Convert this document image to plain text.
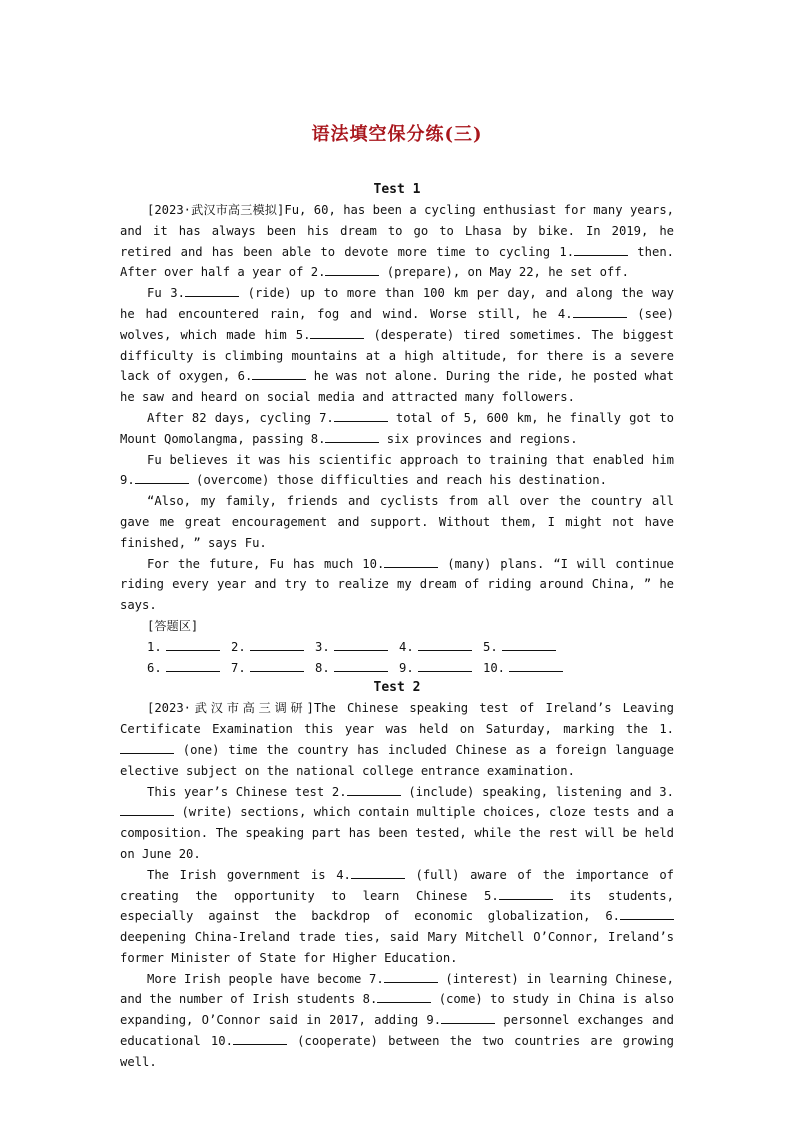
语法填空保分练(三)
Test 1

[2023·武汉市高三模拟]Fu, 60, has been a cycling enthusiast for many years, and it has always been his dream to go to Lhasa by bike. In 2019, he retired and has been able to devote more time to cycling 1.	then. After over half a year of 2.	(prepare), on May 22, he set off.

Fu 3.	(ride) up to more than 100 km per day, and along the way he had encountered rain, fog and wind. Worse still, he 4.	(see) wolves, which made him 5.	(desperate) tired sometimes. The biggest difficulty is climbing mountains at a high altitude, for there is a severe lack of oxygen, 6.	he was not alone. During the ride, he posted what he saw and heard on social media and attracted many followers.

After 82 days, cycling 7.	total of 5, 600 km, he finally got to Mount Qomolangma, passing 8.	six provinces and regions.

Fu believes it was his scientific approach to training that enabled him 9.	(overcome) those difficulties and reach his destination.

“Also, my family, friends and cyclists from all over the country all gave me great encouragement and support. Without them, I might not have finished, ” says Fu.

For the future, Fu has much 10.	(many) plans. “I will continue riding every year and try to realize my dream of riding around China, ” he says.

[答题区]
1.	2.	3.	4.	5.
6.	7.	8.	9.	10.
Test 2

[2023·武汉市高三调研]The Chinese speaking test of Ireland’s Leaving Certificate Examination this year was held on Saturday, marking the 1. (one) time the country has included Chinese as a foreign language elective subject on the national college entrance examination.

This year’s Chinese test 2.	(include) speaking, listening and 3. (write) sections, which contain multiple choices, cloze tests and a composition. The speaking part has been tested, while the rest will be held on June 20.

The Irish government is 4.	(full) aware of the importance of creating the opportunity to learn Chinese 5.	its students, especially against the backdrop of economic globalization, 6. deepening China-Ireland trade ties, said Mary Mitchell O’Connor, Ireland’s former Minister of State for Higher Education.

More Irish people have become 7.	(interest) in learning Chinese, and the number of Irish students 8.	(come) to study in China is also expanding, O’Connor said in 2017, adding 9.	personnel exchanges and educational 10.	(cooperate) between the two countries are growing well.
